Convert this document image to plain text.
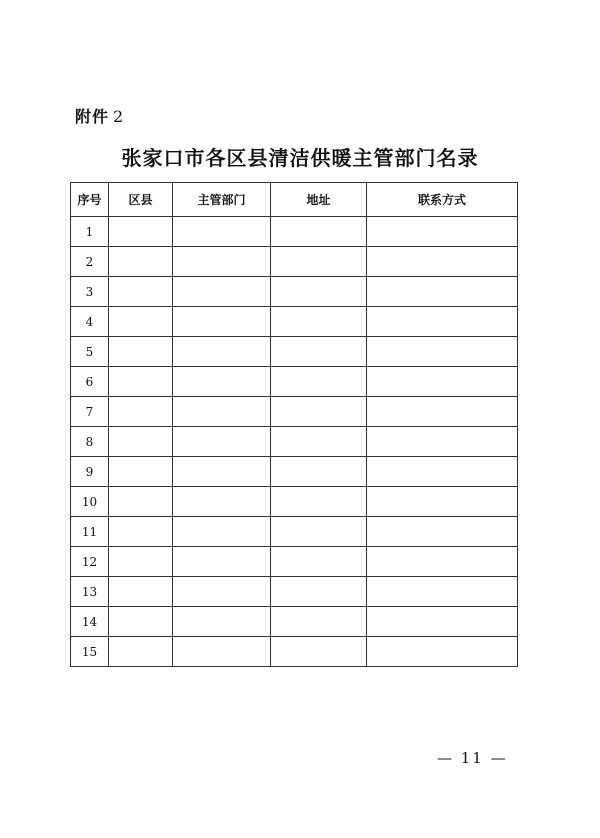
附件 2
张家口市各区县清洁供暖主管部门名录
序号	区县	主管部门	地址	联系方式
1				
2				
3				
4				
5				
6				
7				
8				
9				
10				
11				
12				
13				
14				
15				
— 11 —
